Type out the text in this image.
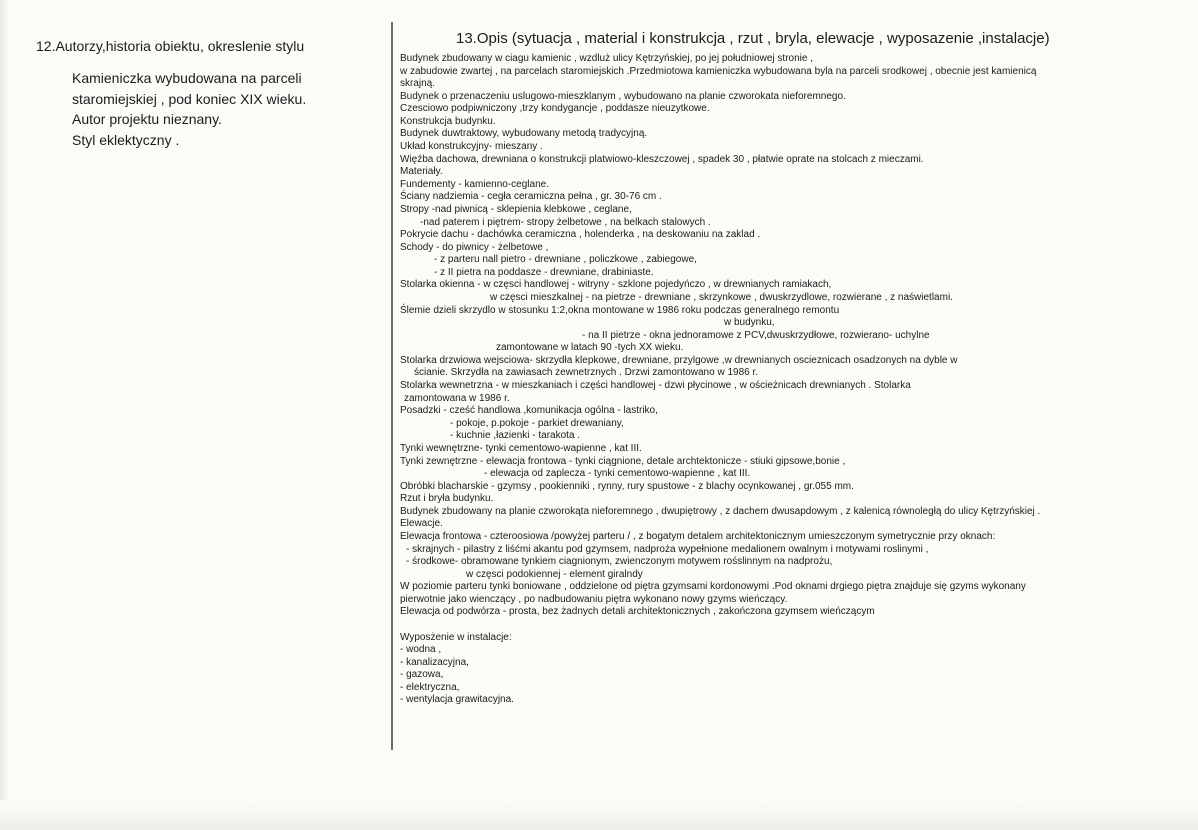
12.Autorzy,historia obiektu, okreslenie stylu
Kamieniczka wybudowana na parceli
staromiejskiej , pod koniec XIX wieku.
Autor projektu nieznany.
Styl eklektyczny .
13.Opis (sytuacja , material i konstrukcja , rzut , bryla, elewacje , wyposazenie ,instalacje)
Budynek zbudowany w ciagu kamienic , wzdluż ulicy Kętrzyńskiej, po jej południowej stronie ,
w zabudowie zwartej , na parcelach staromiejskich .Przedmiotowa kamieniczka wybudowana byla na parceli srodkowej , obecnie jest kamienicą
skrajną.
Budynek o przenaczeniu uslugowo-mieszklanym , wybudowano na planie czworokata nieforemnego.
Czesciowo podpiwniczony ,trzy kondygancje , poddasze nieuzytkowe.
Konstrukcja budynku.
Budynek duwtraktowy, wybudowany metodą tradycyjną.
Układ konstrukcyjny- mieszany .
Więźba dachowa, drewniana o konstrukcji platwiowo-kleszczowej , spadek 30 , płatwie oprate na stolcach z mieczami.
Materiały.
Fundementy - kamienno-ceglane.
Ściany nadziemia - cegła ceramiczna pełna , gr. 30-76 cm .
Stropy -nad piwnicą - sklepienia klebkowe , ceglane,
-nad paterem i piętrem- stropy żelbetowe , na belkach stalowych .
Pokrycie dachu - dachówka ceramiczna , holenderka , na deskowaniu na zaklad .
Schody - do piwnicy - żelbetowe ,
- z parteru nall pietro - drewniane , policzkowe , zabiegowe,
- z II pietra na poddasze - drewniane, drabiniaste.
Stolarka okienna - w częsci handlowej - witryny - szklone pojedyńczo , w drewnianych ramiakach,
w częsci mieszkalnej - na pietrze - drewniane , skrzynkowe , dwuskrzydlowe, rozwierane , z naświetlami.
Ślemie dzieli skrzydlo w stosunku 1:2,okna montowane w 1986 roku podczas generalnego remontu
w budynku,
- na II pietrze - okna jednoramowe z PCV,dwuskrzydłowe, rozwierano- uchylne
zamontowane w latach 90 -tych XX wieku.
Stolarka drzwiowa wejsciowa- skrzydła klepkowe, drewniane, przylgowe ,w drewnianych oscieznicach osadzonych na dyble w
ścianie. Skrzydła na zawiasach zewnetrznych . Drzwi zamontowano w 1986 r.
Stolarka wewnetrzna - w mieszkaniach i części handlowej - dzwi płycinowe , w ościeżnicach drewnianych . Stolarka
zamontowana w 1986 r.
Posadzki - cześć handlowa ,komunikacja ogólna - lastriko,
- pokoje, p.pokoje - parkiet drewaniany,
- kuchnie ,łazienki - tarakota .
Tynki wewnętrzne- tynki cementowo-wapienne , kat III.
Tynki zewnętrzne - elewacja frontowa - tynki ciągnione, detale archtektonicze - stiuki gipsowe,bonie ,
- elewacja od zaplecza - tynki cementowo-wapienne , kat III.
Obróbki blacharskie - gzymsy , pookienniki , rynny, rury spustowe - z blachy ocynkowanej , gr.055 mm.
Rzut i bryła budynku.
Budynek zbudowany na planie czworokąta nieforemnego , dwupiętrowy , z dachem dwusapdowym , z kalenicą równoległą do ulicy Kętrzyńskiej .
Elewacje.
Elewacja frontowa - czteroosiowa /powyżej parteru / , z bogatym detalem architektonicznym umieszczonym symetrycznie przy oknach:
- skrajnych - pilastry z liśćmi akantu pod gzymsem, nadproża wypełnione medalionem owalnym i motywami roslinymi ,
- środkowe- obramowane tynkiem ciagnionym, zwienczonym motywem rośslinnym na nadprożu,
w częsci podokiennej - element giralndy
W poziomie parteru tynki boniowane , oddzielone od piętra gzymsami kordonowymi .Pod oknami drgiego piętra znajduje się gzyms wykonany
pierwotnie jako wienczący , po nadbudowaniu piętra wykonano nowy gzyms wieńczący.
Elewacja od podwórza - prosta, bez żadnych detali architektonicznych , zakończona gzymsem wieńczącym
Wyposżenie w instalacje:
- wodna ,
- kanalizacyjna,
- gazowa,
- elektryczna,
- wentylacja grawitacyjna.
